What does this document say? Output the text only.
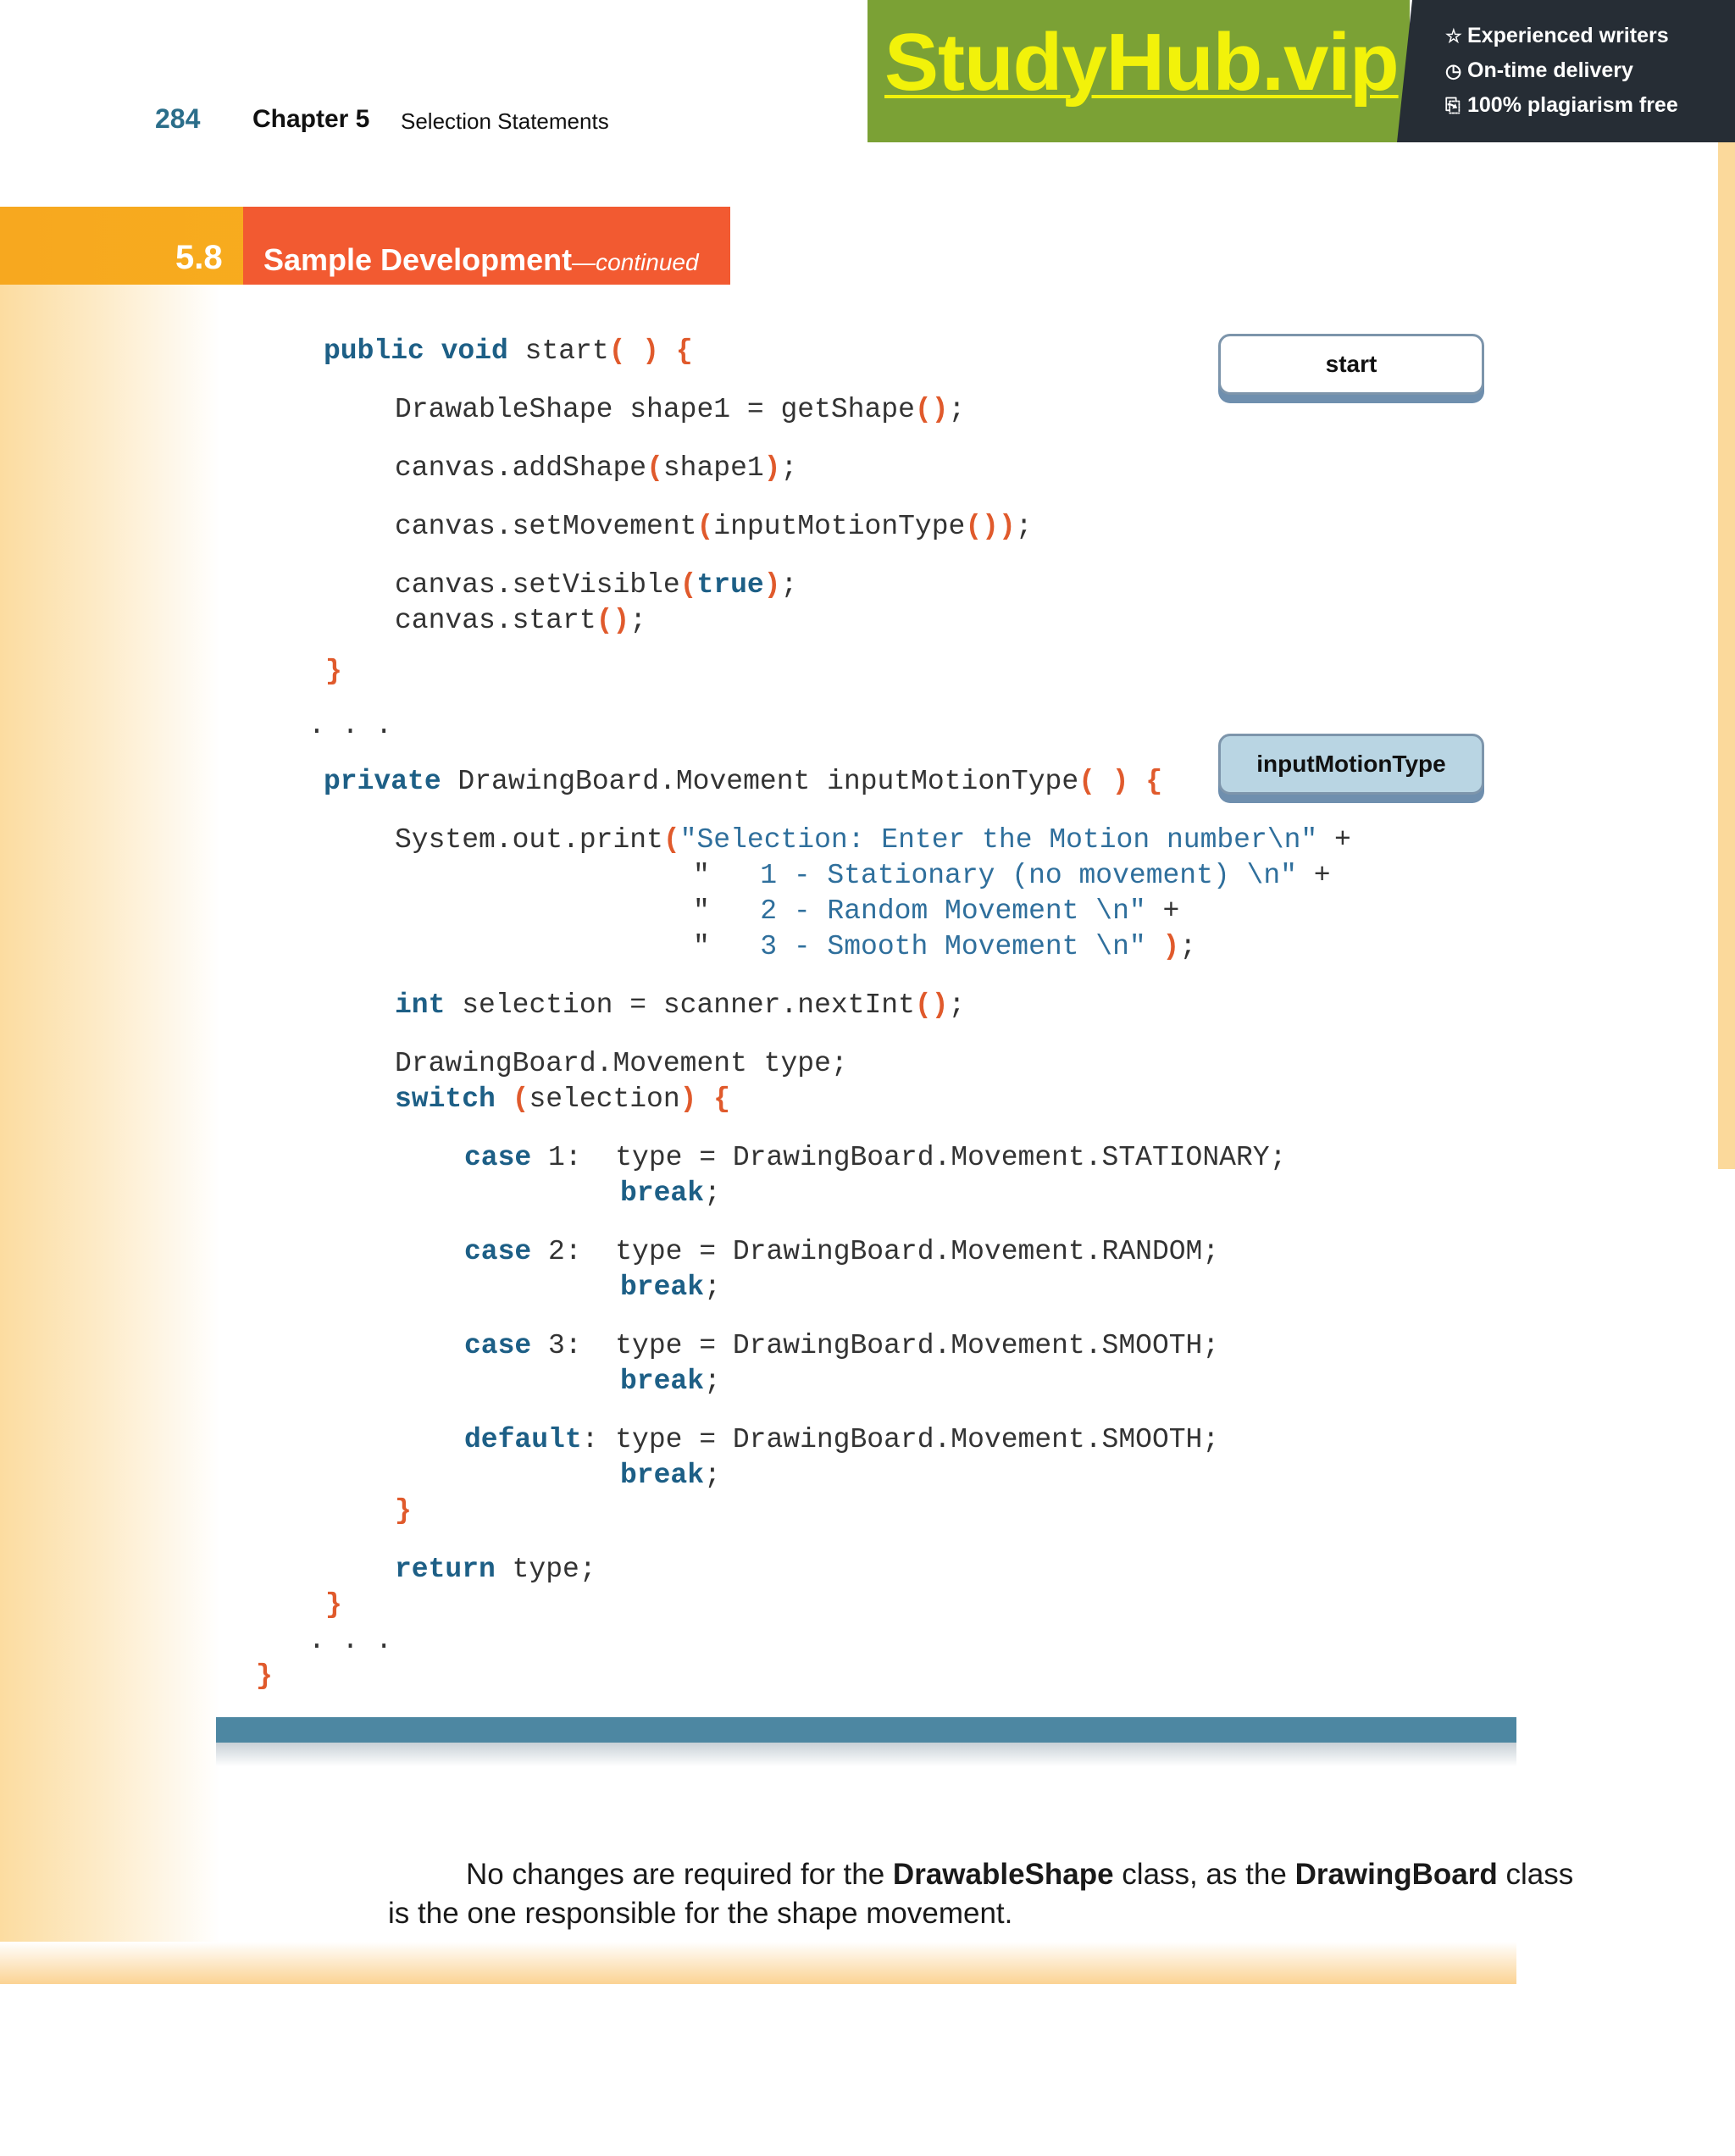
284 Chapter 5 Selection Statements
StudyHub.vip	☆ Experienced writers
◷ On-time delivery
⎘ 100% plagiarism free
5.8 Sample Development—continued
start
inputMotionType
public void start( ) {
DrawableShape shape1 = getShape();
canvas.addShape(shape1);
canvas.setMovement(inputMotionType());
canvas.setVisible(true);
canvas.start();
}
. . .
private DrawingBoard.Movement inputMotionType( ) {
System.out.print("Selection: Enter the Motion number\n" +
"   1 - Stationary (no movement) \n" +
"   2 - Random Movement \n" +
"   3 - Smooth Movement \n" );
int selection = scanner.nextInt();
DrawingBoard.Movement type;
switch (selection) {
case 1:  type = DrawingBoard.Movement.STATIONARY;
break;
case 2:  type = DrawingBoard.Movement.RANDOM;
break;
case 3:  type = DrawingBoard.Movement.SMOOTH;
break;
default: type = DrawingBoard.Movement.SMOOTH;
break;
}
return type;
}
. . .
}
No changes are required for the DrawableShape class, as the DrawingBoard class
is the one responsible for the shape movement.
